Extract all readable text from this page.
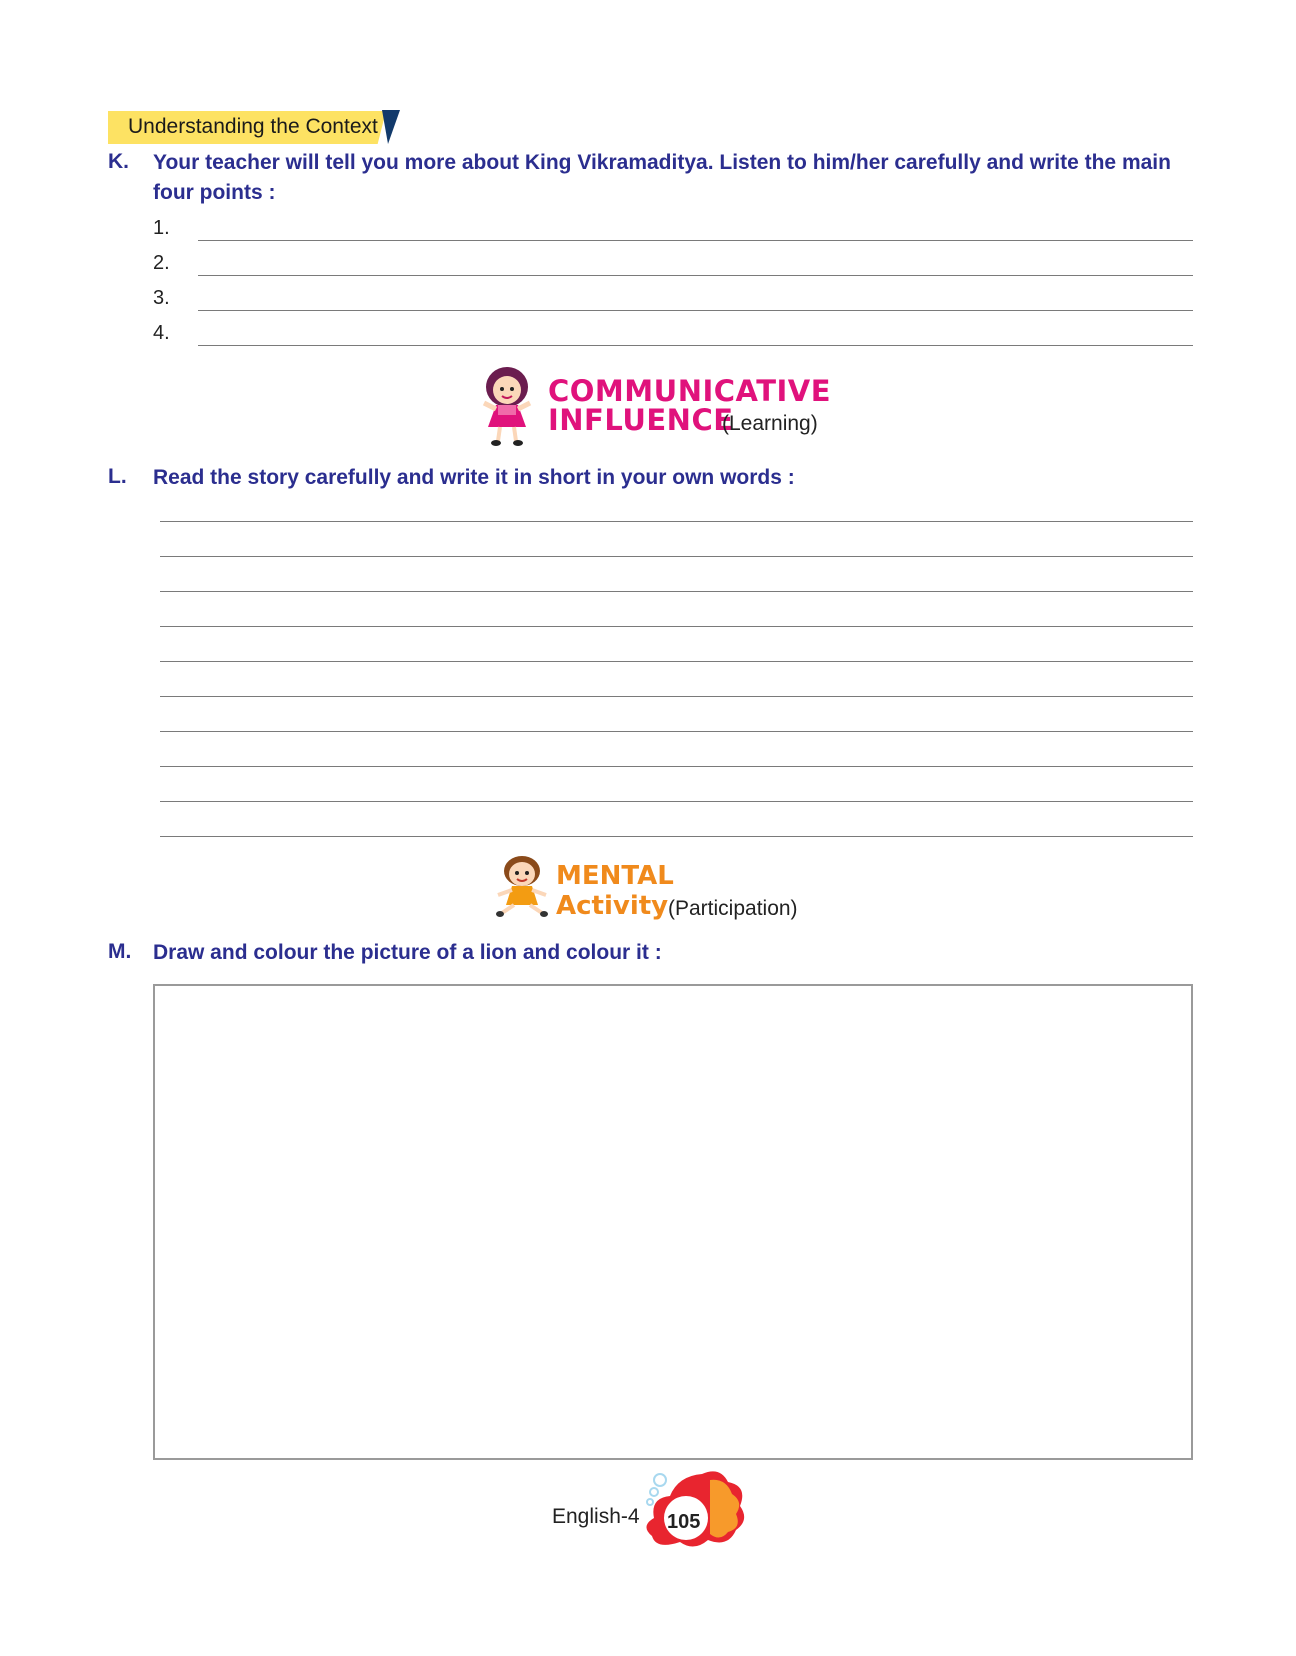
Understanding the Context
K. Your teacher will tell you more about King Vikramaditya. Listen to him/her carefully and write the main
four points :
1.
2.
3.
4.
COMMUNICATIVE
INFLUENCE
(Learning)
L. Read the story carefully and write it in short in your own words :
MENTAL
Activity (Participation)
M. Draw and colour the picture of a lion and colour it :
English-4 105
